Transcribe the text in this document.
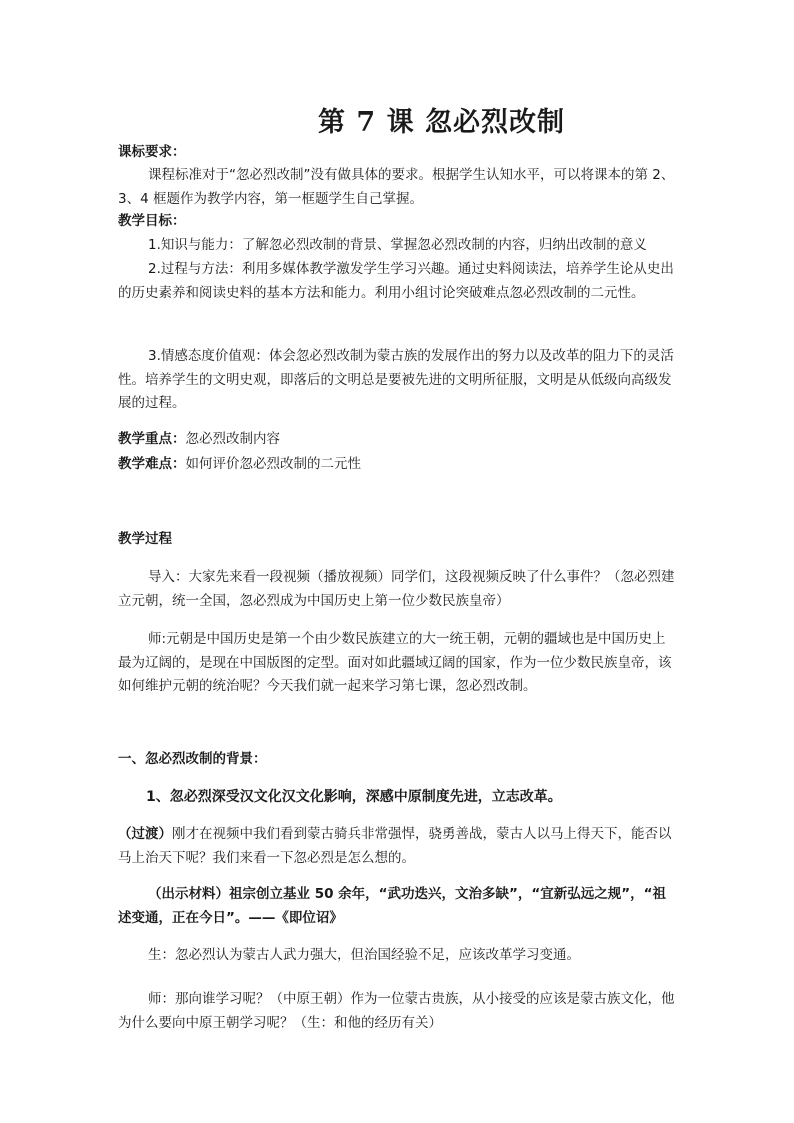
第 7 课 忽必烈改制

课标要求：

课程标准对于“忽必烈改制”没有做具体的要求。根据学生认知水平，可以将课本的第 2、3、4 框题作为教学内容，第一框题学生自己掌握。

教学目标：

1.知识与能力：了解忽必烈改制的背景、掌握忽必烈改制的内容，归纳出改制的意义

2.过程与方法：利用多媒体教学激发学生学习兴趣。通过史料阅读法，培养学生论从史出的历史素养和阅读史料的基本方法和能力。利用小组讨论突破难点忽必烈改制的二元性。

3.情感态度价值观：体会忽必烈改制为蒙古族的发展作出的努力以及改革的阻力下的灵活性。培养学生的文明史观，即落后的文明总是要被先进的文明所征服，文明是从低级向高级发展的过程。

教学重点：忽必烈改制内容

教学难点：如何评价忽必烈改制的二元性

教学过程

导入：大家先来看一段视频（播放视频）同学们，这段视频反映了什么事件？（忽必烈建立元朝，统一全国，忽必烈成为中国历史上第一位少数民族皇帝）

师:元朝是中国历史是第一个由少数民族建立的大一统王朝，元朝的疆域也是中国历史上最为辽阔的，是现在中国版图的定型。面对如此疆域辽阔的国家，作为一位少数民族皇帝，该如何维护元朝的统治呢？今天我们就一起来学习第七课，忽必烈改制。

一、忽必烈改制的背景：

1、忽必烈深受汉文化汉文化影响，深感中原制度先进，立志改革。

（过渡）刚才在视频中我们看到蒙古骑兵非常强悍，骁勇善战，蒙古人以马上得天下，能否以马上治天下呢？我们来看一下忽必烈是怎么想的。

（出示材料）祖宗创立基业 50 余年，“武功迭兴，文治多缺”，“宜新弘远之规”，“祖述变通，正在今日”。——《即位诏》

生：忽必烈认为蒙古人武力强大，但治国经验不足，应该改革学习变通。

师：那向谁学习呢？（中原王朝）作为一位蒙古贵族，从小接受的应该是蒙古族文化，他为什么要向中原王朝学习呢？（生：和他的经历有关）
